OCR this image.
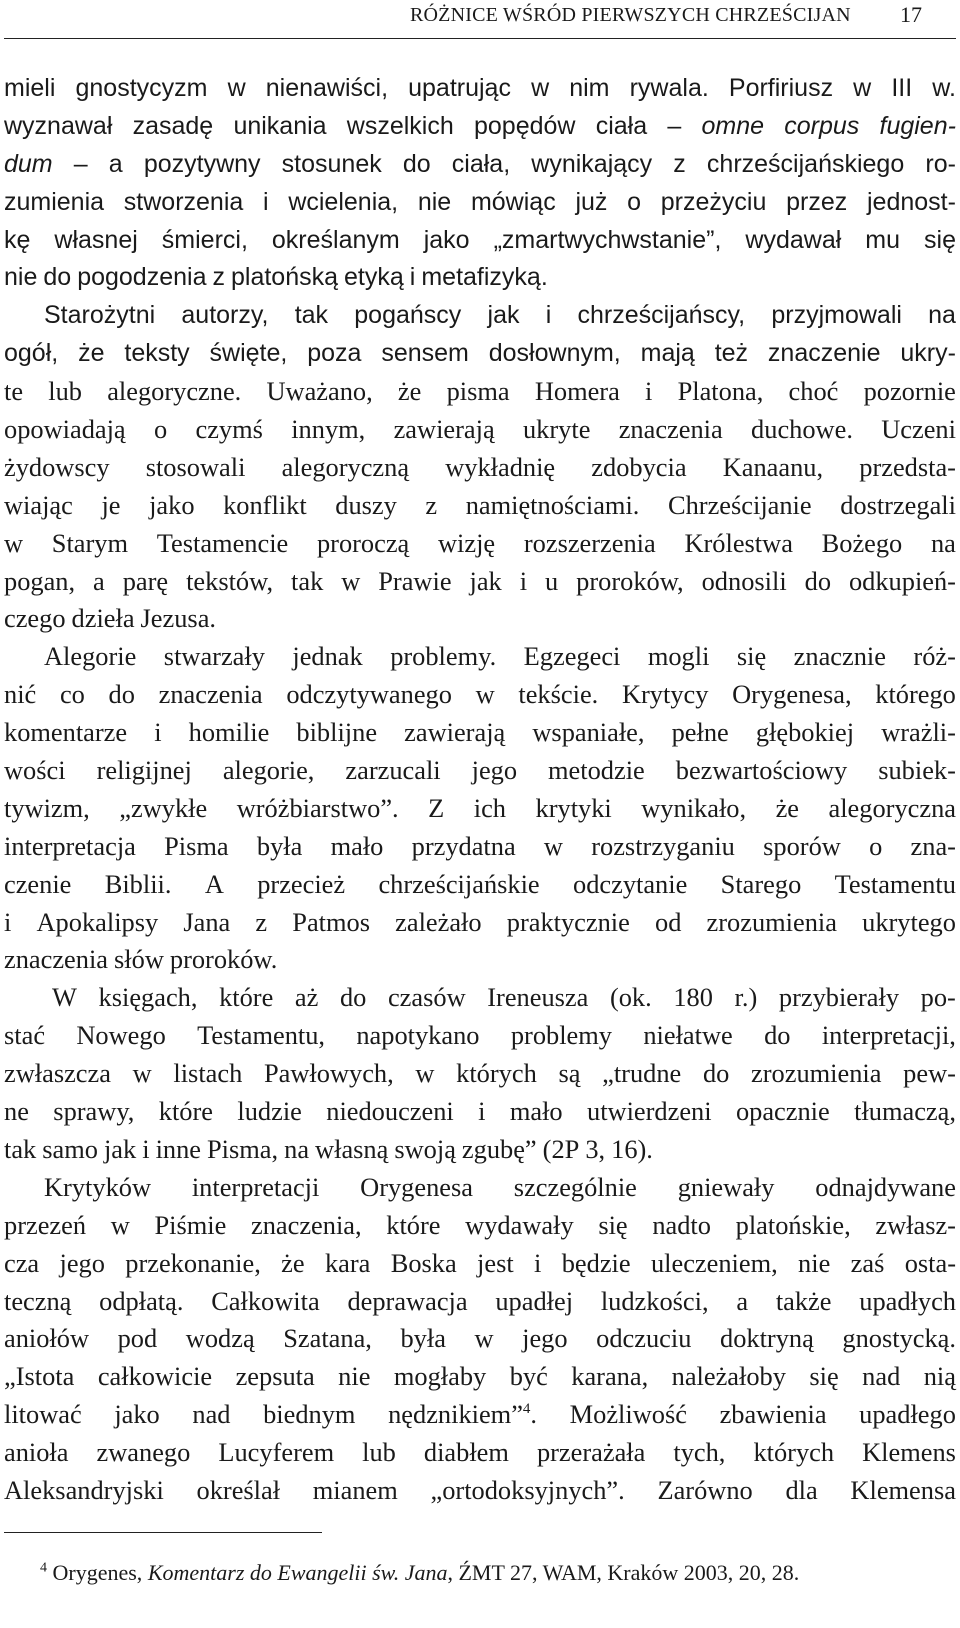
RÓŻNICE WŚRÓD PIERWSZYCH CHRZEŚCIJAN 17
mieli gnostycyzm w nienawiści, upatrując w nim rywala. Porfiriusz w III w.
wyznawał zasadę unikania wszelkich popędów ciała – omne corpus fugien-
dum – a pozytywny stosunek do ciała, wynikający z chrześcijańskiego ro-
zumienia stworzenia i wcielenia, nie mówiąc już o przeżyciu przez jednost-
kę własnej śmierci, określanym jako „zmartwychwstanie”, wydawał mu się
nie do pogodzenia z platońską etyką i metafizyką.
Starożytni autorzy, tak pogańscy jak i chrześcijańscy, przyjmowali na
ogół, że teksty święte, poza sensem dosłownym, mają też znaczenie ukry-
te lub alegoryczne. Uważano, że pisma Homera i Platona, choć pozornie
opowiadają o czymś innym, zawierają ukryte znaczenia duchowe. Uczeni
żydowscy stosowali alegoryczną wykładnię zdobycia Kanaanu, przedsta-
wiając je jako konflikt duszy z namiętnościami. Chrześcijanie dostrzegali
w Starym Testamencie proroczą wizję rozszerzenia Królestwa Bożego na
pogan, a parę tekstów, tak w Prawie jak i u proroków, odnosili do odkupień-
czego dzieła Jezusa.
Alegorie stwarzały jednak problemy. Egzegeci mogli się znacznie róż-
nić co do znaczenia odczytywanego w tekście. Krytycy Orygenesa, którego
komentarze i homilie biblijne zawierają wspaniałe, pełne głębokiej wrażli-
wości religijnej alegorie, zarzucali jego metodzie bezwartościowy subiek-
tywizm, „zwykłe wróżbiarstwo”. Z ich krytyki wynikało, że alegoryczna
interpretacja Pisma była mało przydatna w rozstrzyganiu sporów o zna-
czenie Biblii. A przecież chrześcijańskie odczytanie Starego Testamentu
i Apokalipsy Jana z Patmos zależało praktycznie od zrozumienia ukrytego
znaczenia słów proroków.
W księgach, które aż do czasów Ireneusza (ok. 180 r.) przybierały po-
stać Nowego Testamentu, napotykano problemy niełatwe do interpretacji,
zwłaszcza w listach Pawłowych, w których są „trudne do zrozumienia pew-
ne sprawy, które ludzie niedouczeni i mało utwierdzeni opacznie tłumaczą,
tak samo jak i inne Pisma, na własną swoją zgubę” (2P 3, 16).
Krytyków interpretacji Orygenesa szczególnie gniewały odnajdywane
przezeń w Piśmie znaczenia, które wydawały się nadto platońskie, zwłasz-
cza jego przekonanie, że kara Boska jest i będzie uleczeniem, nie zaś osta-
teczną odpłatą. Całkowita deprawacja upadłej ludzkości, a także upadłych
aniołów pod wodzą Szatana, była w jego odczuciu doktryną gnostycką.
„Istota całkowicie zepsuta nie mogłaby być karana, należałoby się nad nią
litować jako nad biednym nędznikiem”$^4$. Możliwość zbawienia upadłego
anioła zwanego Lucyferem lub diabłem przerażała tych, których Klemens
Aleksandryjski określał mianem „ortodoksyjnych”. Zarówno dla Klemensa
$^4$ Orygenes, Komentarz do Ewangelii św. Jana, ŹMT 27, WAM, Kraków 2003, 20, 28.
